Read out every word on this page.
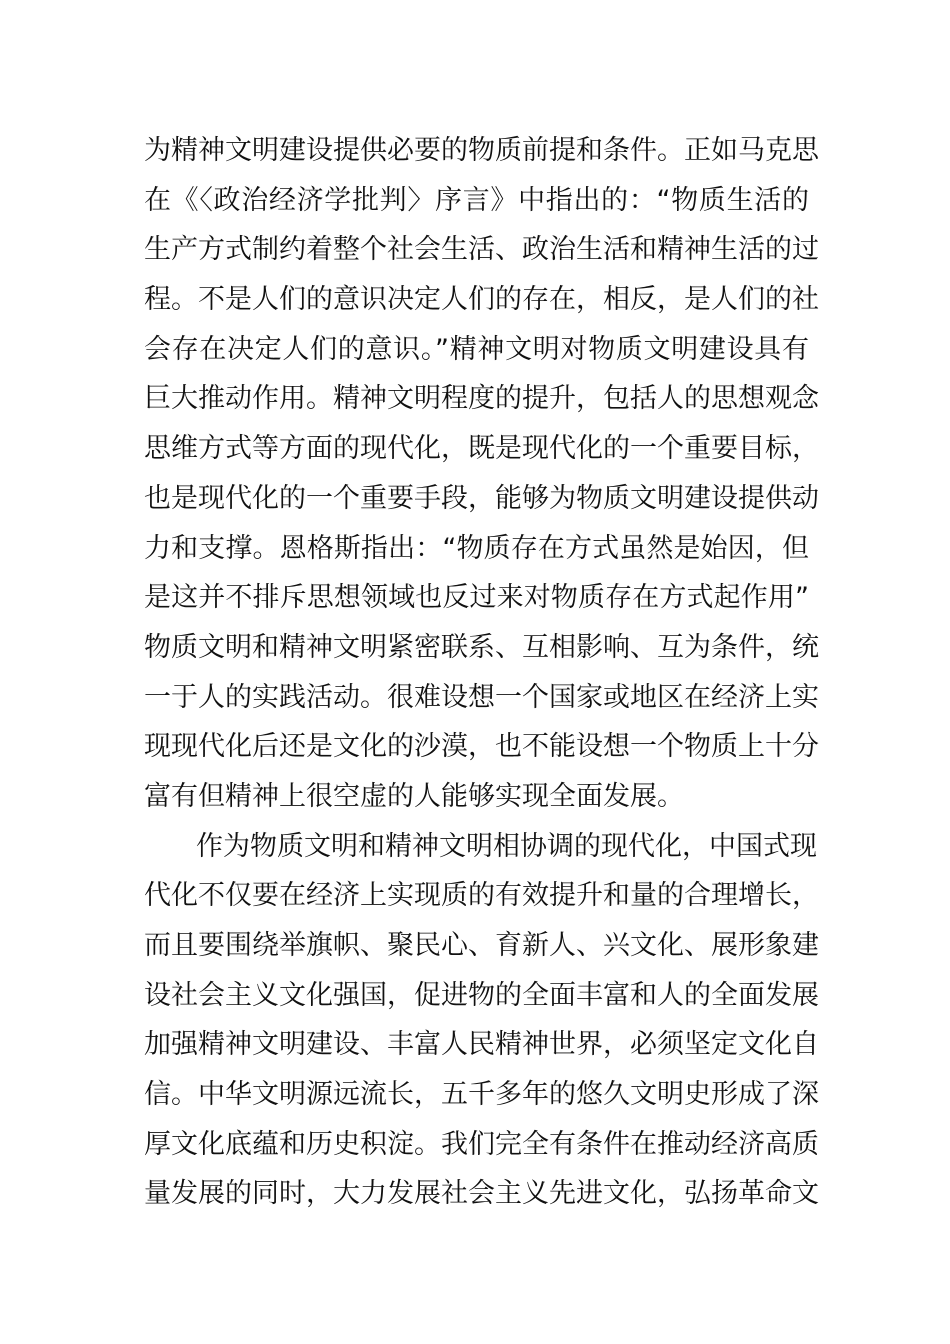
为精神文明建设提供必要的物质前提和条件。正如马克思
在《〈政治经济学批判〉序言》中指出的：“物质生活的
生产方式制约着整个社会生活、政治生活和精神生活的过
程。不是人们的意识决定人们的存在，相反，是人们的社
会存在决定人们的意识。”精神文明对物质文明建设具有
巨大推动作用。精神文明程度的提升，包括人的思想观念
思维方式等方面的现代化，既是现代化的一个重要目标，
也是现代化的一个重要手段，能够为物质文明建设提供动
力和支撑。恩格斯指出：“物质存在方式虽然是始因，但
是这并不排斥思想领域也反过来对物质存在方式起作用”
物质文明和精神文明紧密联系、互相影响、互为条件，统
一于人的实践活动。很难设想一个国家或地区在经济上实
现现代化后还是文化的沙漠，也不能设想一个物质上十分
富有但精神上很空虚的人能够实现全面发展。
作为物质文明和精神文明相协调的现代化，中国式现
代化不仅要在经济上实现质的有效提升和量的合理增长，
而且要围绕举旗帜、聚民心、育新人、兴文化、展形象建
设社会主义文化强国，促进物的全面丰富和人的全面发展
加强精神文明建设、丰富人民精神世界，必须坚定文化自
信。中华文明源远流长，五千多年的悠久文明史形成了深
厚文化底蕴和历史积淀。我们完全有条件在推动经济高质
量发展的同时，大力发展社会主义先进文化，弘扬革命文
